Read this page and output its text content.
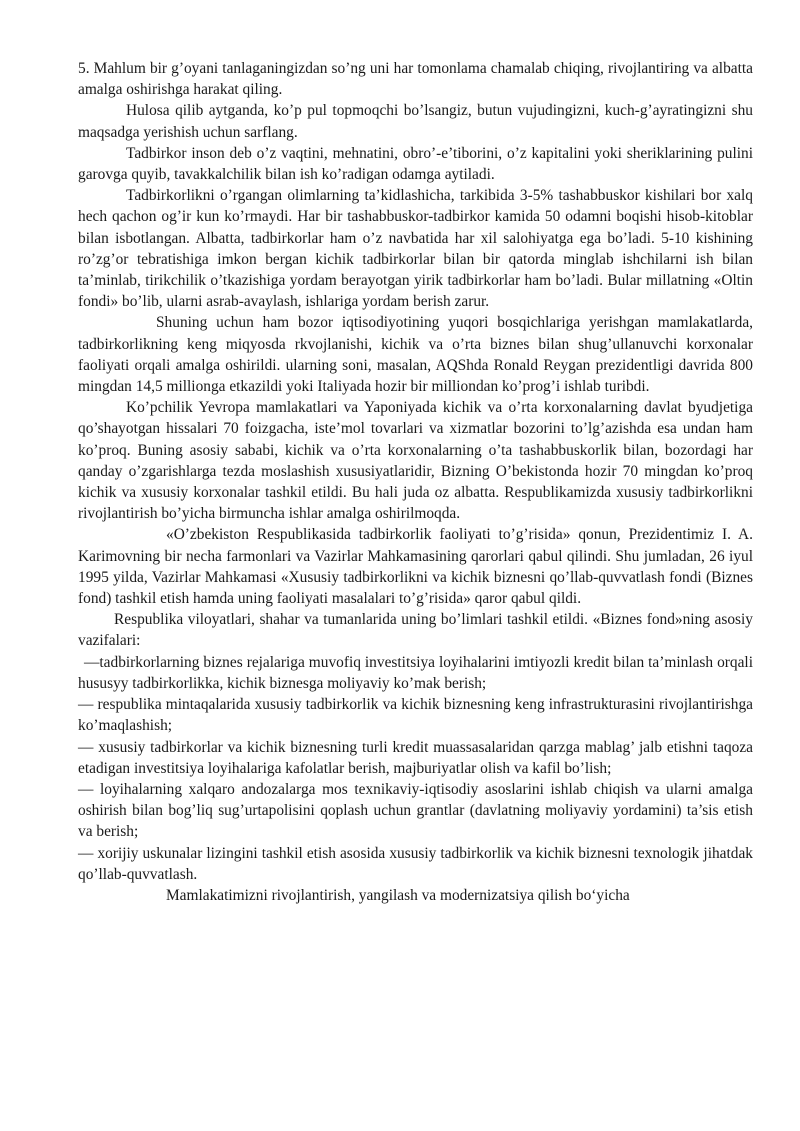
5. Mahlum bir g’oyani tanlaganingizdan so’ng uni har tomonlama chamalab chiqing, rivojlantiring va albatta amalga oshirishga harakat qiling.

Hulosa qilib aytganda, ko’p pul topmoqchi bo’lsangiz, butun vujudingizni, kuch-g’ayratingizni shu maqsadga yerishish uchun sarflang.

Tadbirkor inson deb o’z vaqtini, mehnatini, obro’-e’tiborini, o’z kapitalini yoki sheriklarining pulini garovga quyib, tavakkalchilik bilan ish ko’radigan odamga aytiladi.

Tadbirkorlikni o’rgangan olimlarning ta’kidlashicha, tarkibida 3-5% tashabbuskor kishilari bor xalq hech qachon og’ir kun ko’rmaydi. Har bir tashabbuskor-tadbirkor kamida 50 odamni boqishi hisob-kitoblar bilan isbotlangan. Albatta, tadbirkorlar ham o’z navbatida har xil salohiyatga ega bo’ladi. 5-10 kishining ro’zg’or tebratishiga imkon bergan kichik tadbirkorlar bilan bir qatorda minglab ishchilarni ish bilan ta’minlab, tirikchilik o’tkazishiga yordam berayotgan yirik tadbirkorlar ham bo’ladi. Bular millatning «Oltin fondi» bo’lib, ularni asrab-avaylash, ishlariga yordam berish zarur.

Shuning uchun ham bozor iqtisodiyotining yuqori bosqichlariga yerishgan mamlakatlarda, tadbirkorlikning keng miqyosda rkvojlanishi, kichik va o’rta biznes bilan shug’ullanuvchi korxonalar faoliyati orqali amalga oshirildi. ularning soni, masalan, AQShda Ronald Reygan prezidentligi davrida 800 mingdan 14,5 millionga etkazildi yoki Italiyada hozir bir milliondan ko’prog’i ishlab turibdi.

Ko’pchilik Yevropa mamlakatlari va Yaponiyada kichik va o’rta korxonalarning davlat byudjetiga qo’shayotgan hissalari 70 foizgacha, iste’mol tovarlari va xizmatlar bozorini to’lg’azishda esa undan ham ko’proq. Buning asosiy sababi, kichik va o’rta korxonalarning o’ta tashabbuskorlik bilan, bozordagi har qanday o’zgarishlarga tezda moslashish xususiyatlaridir, Bizning O’bekistonda hozir 70 mingdan ko’proq kichik va xususiy korxonalar tashkil etildi. Bu hali juda oz albatta. Respublikamizda xususiy tadbirkorlikni rivojlantirish bo’yicha birmuncha ishlar amalga oshirilmoqda.

«O’zbekiston Respublikasida tadbirkorlik faoliyati to’g’risida» qonun, Prezidentimiz I. A. Karimovning bir necha farmonlari va Vazirlar Mahkamasining qarorlari qabul qilindi. Shu jumladan, 26 iyul 1995 yilda, Vazirlar Mahkamasi «Xususiy tadbirkorlikni va kichik biznesni qo’llab-quvvatlash fondi (Biznes fond) tashkil etish hamda uning faoliyati masalalari to’g’risida» qaror qabul qildi.

Respublika viloyatlari, shahar va tumanlarida uning bo’limlari tashkil etildi. «Biznes fond»ning asosiy vazifalari:

—tadbirkorlarning biznes rejalariga muvofiq investitsiya loyihalarini imtiyozli kredit bilan ta’minlash orqali hususyy tadbirkorlikka, kichik biznesga moliyaviy ko’mak berish;

— respublika mintaqalarida xususiy tadbirkorlik va kichik biznesning keng infrastrukturasini rivojlantirishga ko’maqlashish;

— xususiy tadbirkorlar va kichik biznesning turli kredit muassasalaridan qarzga mablag’ jalb etishni taqoza etadigan investitsiya loyihalariga kafolatlar berish, majburiyatlar olish va kafil bo’lish;

— loyihalarning xalqaro andozalarga mos texnikaviy-iqtisodiy asoslarini ishlab chiqish va ularni amalga oshirish bilan bog’liq sug’urtapolisini qoplash uchun grantlar (davlatning moliyaviy yordamini) ta’sis etish va berish;

— xorijiy uskunalar lizingini tashkil etish asosida xususiy tadbirkorlik va kichik biznesni texnologik jihatdak qo’llab-quvvatlash.

Mamlakatimizni rivojlantirish, yangilash va modernizatsiya qilish bo‘yicha
